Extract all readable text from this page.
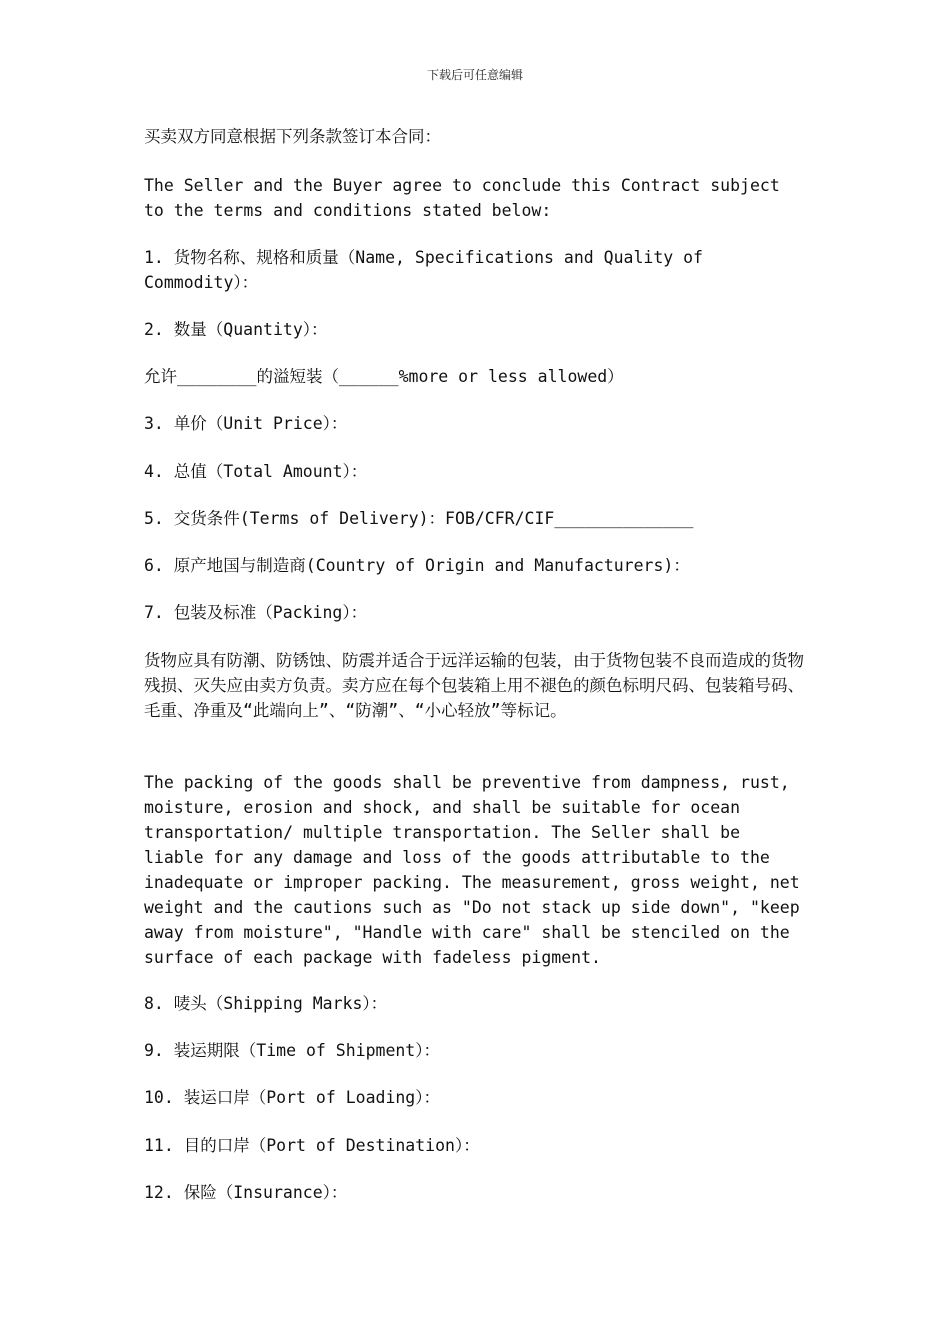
下载后可任意编辑

买卖双方同意根据下列条款签订本合同：

The Seller and the Buyer agree to conclude this Contract subject to the terms and conditions stated below:

1. 货物名称、规格和质量（Name, Specifications and Quality of Commodity）：

2. 数量（Quantity）：

允许________的溢短装（______%more or less allowed）

3. 单价（Unit Price）：

4. 总值（Total Amount）：

5. 交货条件(Terms of Delivery)：FOB/CFR/CIF______________

6. 原产地国与制造商(Country of Origin and Manufacturers)：

7. 包装及标准（Packing）：

货物应具有防潮、防锈蚀、防震并适合于远洋运输的包装，由于货物包装不良而造成的货物残损、灭失应由卖方负责。卖方应在每个包装箱上用不褪色的颜色标明尺码、包装箱号码、毛重、净重及“此端向上”、“防潮”、“小心轻放”等标记。

The packing of the goods shall be preventive from dampness, rust, moisture, erosion and shock, and shall be suitable for ocean transportation/ multiple transportation. The Seller shall be liable for any damage and loss of the goods attributable to the inadequate or improper packing. The measurement, gross weight, net weight and the cautions such as "Do not stack up side down", "keep away from moisture", "Handle with care" shall be stenciled on the surface of each package with fadeless pigment.

8. 唛头（Shipping Marks）：

9. 装运期限（Time of Shipment）：

10. 装运口岸（Port of Loading）：

11. 目的口岸（Port of Destination）：

12. 保险（Insurance）：
